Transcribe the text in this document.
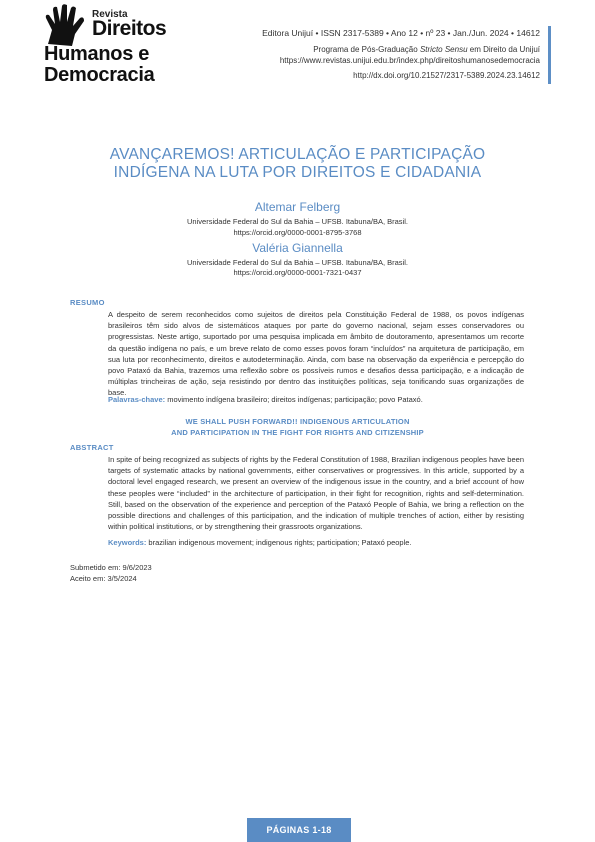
Revista
Direitos
Humanos e
Democracia
Editora Unijuí • ISSN 2317-5389 • Ano 12 • nº 23 • Jan./Jun. 2024 • 14612
Programa de Pós-Graduação Stricto Sensu em Direito da Unijuí
https://www.revistas.unijui.edu.br/index.php/direitoshumanosedemocracia
http://dx.doi.org/10.21527/2317-5389.2024.23.14612
AVANÇAREMOS! ARTICULAÇÃO E PARTICIPAÇÃO
INDÍGENA NA LUTA POR DIREITOS E CIDADANIA
Altemar Felberg
Universidade Federal do Sul da Bahia – UFSB. Itabuna/BA, Brasil.
https://orcid.org/0000-0001-8795-3768
Valéria Giannella
Universidade Federal do Sul da Bahia – UFSB. Itabuna/BA, Brasil.
https://orcid.org/0000-0001-7321-0437
RESUMO

A despeito de serem reconhecidos como sujeitos de direitos pela Constituição Federal de 1988, os povos indígenas brasileiros têm sido alvos de sistemáticos ataques por parte do governo nacional, sejam esses conservadores ou progressistas. Neste artigo, suportado por uma pesquisa implicada em âmbito de doutoramento, apresentamos um recorte da questão indígena no país, e um breve relato de como esses povos foram “incluídos” na arquitetura de participação, em sua luta por reconhecimento, direitos e autodeterminação. Ainda, com base na observação da experiência e percepção do povo Pataxó da Bahia, trazemos uma reflexão sobre os possíveis rumos e desafios dessa participação, e a indicação de múltiplas trincheiras de ação, seja resistindo por dentro das instituições políticas, seja tonificando suas organizações de base.

Palavras-chave: movimento indígena brasileiro; direitos indígenas; participação; povo Pataxó.
WE SHALL PUSH FORWARD!! INDIGENOUS ARTICULATION
AND PARTICIPATION IN THE FIGHT FOR RIGHTS AND CITIZENSHIP
ABSTRACT

In spite of being recognized as subjects of rights by the Federal Constitution of 1988, Brazilian indigenous peoples have been targets of systematic attacks by national governments, either conservatives or progressives. In this article, supported by a doctoral level engaged research, we present an overview of the indigenous issue in the country, and a brief account of how these peoples were “included” in the architecture of participation, in their fight for recognition, rights and self-determination. Still, based on the observation of the experience and perception of the Pataxó People of Bahia, we bring a reflection on the possible directions and challenges of this participation, and the indication of multiple trenches of action, either by resisting within political institutions, or by strengthening their grassroots organizations.

Keywords: brazilian indigenous movement; indigenous rights; participation; Pataxó people.
Submetido em: 9/6/2023
Aceito em: 3/5/2024
PÁGINAS 1-18
